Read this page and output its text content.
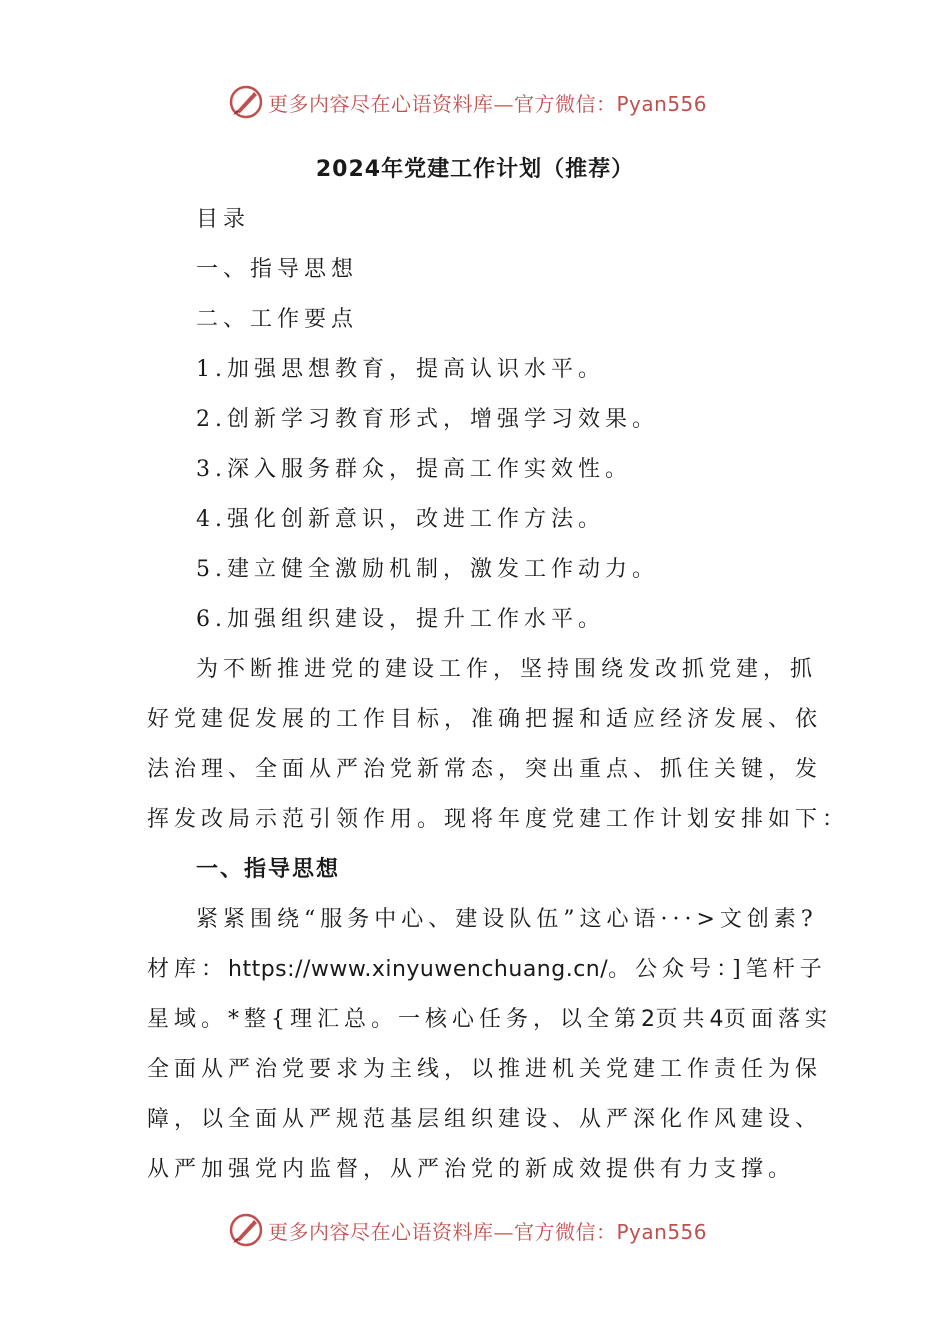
更多内容尽在心语资料库—官方微信：Pyan556
2024年党建工作计划（推荐）
目录
一、指导思想
二、工作要点
1.加强思想教育，提高认识水平。
2.创新学习教育形式，增强学习效果。
3.深入服务群众，提高工作实效性。
4.强化创新意识，改进工作方法。
5.建立健全激励机制，激发工作动力。
6.加强组织建设，提升工作水平。
为不断推进党的建设工作，坚持围绕发改抓党建，抓
好党建促发展的工作目标，准确把握和适应经济发展、依
法治理、全面从严治党新常态，突出重点、抓住关键，发
挥发改局示范引领作用。现将年度党建工作计划安排如下：
一、指导思想
紧紧围绕“服务中心、建设队伍”这心语···>文创素?
材库：https://www.xinyuwenchuang.cn/。公众号：]笔杆子
星域。*整{理汇总。一核心任务，以全第2页共4页面落实
全面从严治党要求为主线，以推进机关党建工作责任为保
障，以全面从严规范基层组织建设、从严深化作风建设、
从严加强党内监督，从严治党的新成效提供有力支撑。
更多内容尽在心语资料库—官方微信：Pyan556
